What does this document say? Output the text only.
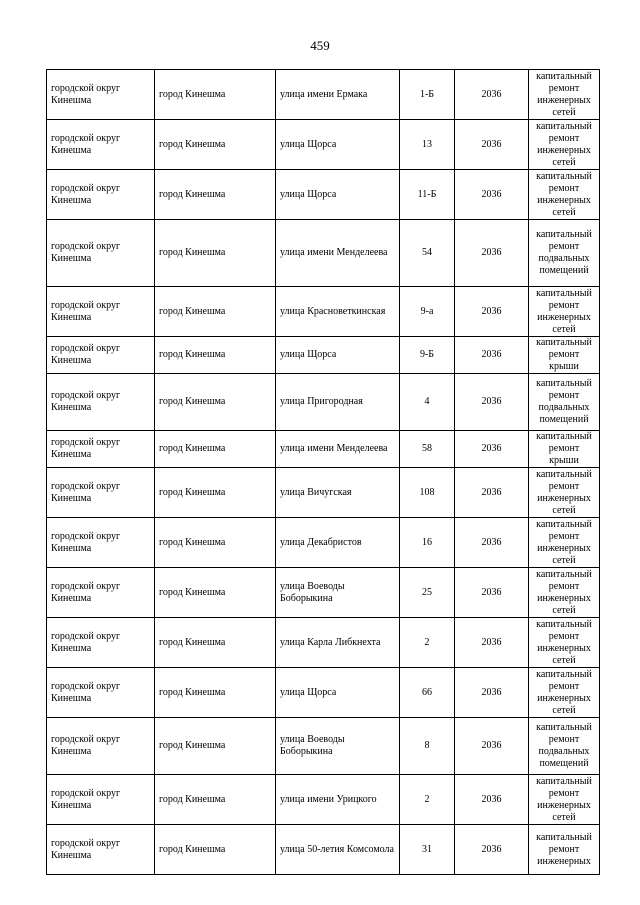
459
городской округ Кинешма	город Кинешма	улица имени Ермака	1-Б	2036	капитальный ремонт инженерных сетей
городской округ Кинешма	город Кинешма	улица Щорса	13	2036	капитальный ремонт инженерных сетей
городской округ Кинешма	город Кинешма	улица Щорса	11-Б	2036	капитальный ремонт инженерных сетей
городской округ Кинешма	город Кинешма	улица имени Менделеева	54	2036	капитальный ремонт подвальных помещений
городской округ Кинешма	город Кинешма	улица Красноветкинская	9-а	2036	капитальный ремонт инженерных сетей
городской округ Кинешма	город Кинешма	улица Щорса	9-Б	2036	капитальный ремонт крыши
городской округ Кинешма	город Кинешма	улица Пригородная	4	2036	капитальный ремонт подвальных помещений
городской округ Кинешма	город Кинешма	улица имени Менделеева	58	2036	капитальный ремонт крыши
городской округ Кинешма	город Кинешма	улица Вичугская	108	2036	капитальный ремонт инженерных сетей
городской округ Кинешма	город Кинешма	улица Декабристов	16	2036	капитальный ремонт инженерных сетей
городской округ Кинешма	город Кинешма	улица Воеводы Боборыкина	25	2036	капитальный ремонт инженерных сетей
городской округ Кинешма	город Кинешма	улица Карла Либкнехта	2	2036	капитальный ремонт инженерных сетей
городской округ Кинешма	город Кинешма	улица Щорса	66	2036	капитальный ремонт инженерных сетей
городской округ Кинешма	город Кинешма	улица Воеводы Боборыкина	8	2036	капитальный ремонт подвальных помещений
городской округ Кинешма	город Кинешма	улица имени Урицкого	2	2036	капитальный ремонт инженерных сетей
городской округ Кинешма	город Кинешма	улица 50-летия Комсомола	31	2036	капитальный ремонт инженерных
